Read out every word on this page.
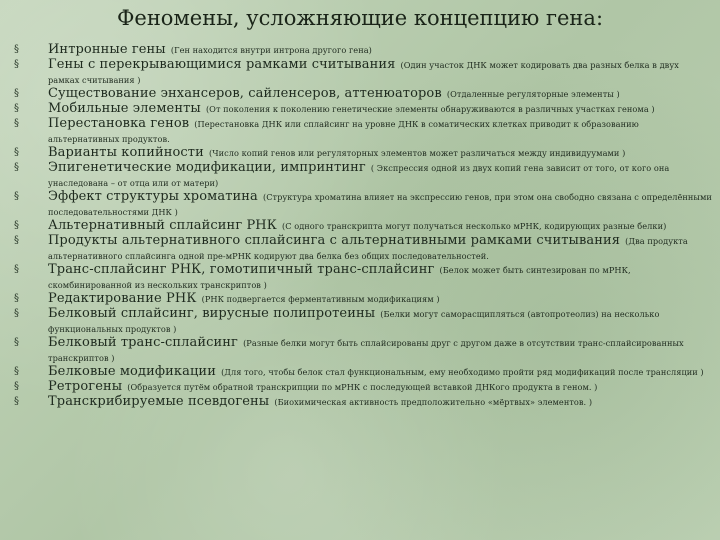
Феномены, усложняющие концепцию гена:
§	Интронные гены (Ген находится внутри интрона другого гена)
§	Гены с перекрывающимися рамками считывания (Один участок ДНК может кодировать два разных белка в двух рамках считывания )
§	Существование энхансеров, сайленсеров, аттенюаторов (Отдаленные регуляторные элементы )
§	Мобильные элементы (От поколения к поколению генетические элементы обнаруживаются в различных участках генома )
§	Перестановка генов (Перестановка ДНК или сплайсинг на уровне ДНК в соматических клетках приводит к образованию альтернативных продуктов.
§	Варианты копийности (Число копий генов или регуляторных элементов может различаться между индивидуумами )
§	Эпигенетические модификации, импринтинг ( Экспрессия одной из двух копий гена зависит от того, от кого она унаследована – от отца или от матери)
§	Эффект структуры хроматина (Структура хроматина влияет на экспрессию генов, при этом она свободно связана с определёнными последовательностями ДНК )
§	Альтернативный сплайсинг РНК (С одного транскрипта могут получаться несколько мРНК, кодирующих разные белки)
§	Продукты альтернативного сплайсинга с альтернативными рамками считывания (Два продукта альтернативного сплайсинга одной пре-мРНК кодируют два белка без общих последовательностей.
§	Транс-сплайсинг РНК, гомотипичный транс-сплайсинг (Белок может быть синтезирован по мРНК, скомбинированной из нескольких транскриптов )
§	Редактирование РНК (РНК подвергается ферментативным модификациям )
§	Белковый сплайсинг, вирусные полипротеины (Белки могут саморасщипляться (автопротеолиз) на несколько функциональных продуктов )
§	Белковый транс-сплайсинг (Разные белки могут быть сплайсированы друг с другом даже в отсутствии транс-сплайсированных транскриптов )
§	Белковые модификации (Для того, чтобы белок стал функциональным, ему необходимо пройти ряд модификаций после трансляции )
§	Ретрогены (Образуется путём обратной транскрипции по мРНК с последующей вставкой ДНКого продукта в геном. )
§	Транскрибируемые псевдогены (Биохимическая активность предположительно «мёртвых» элементов. )
